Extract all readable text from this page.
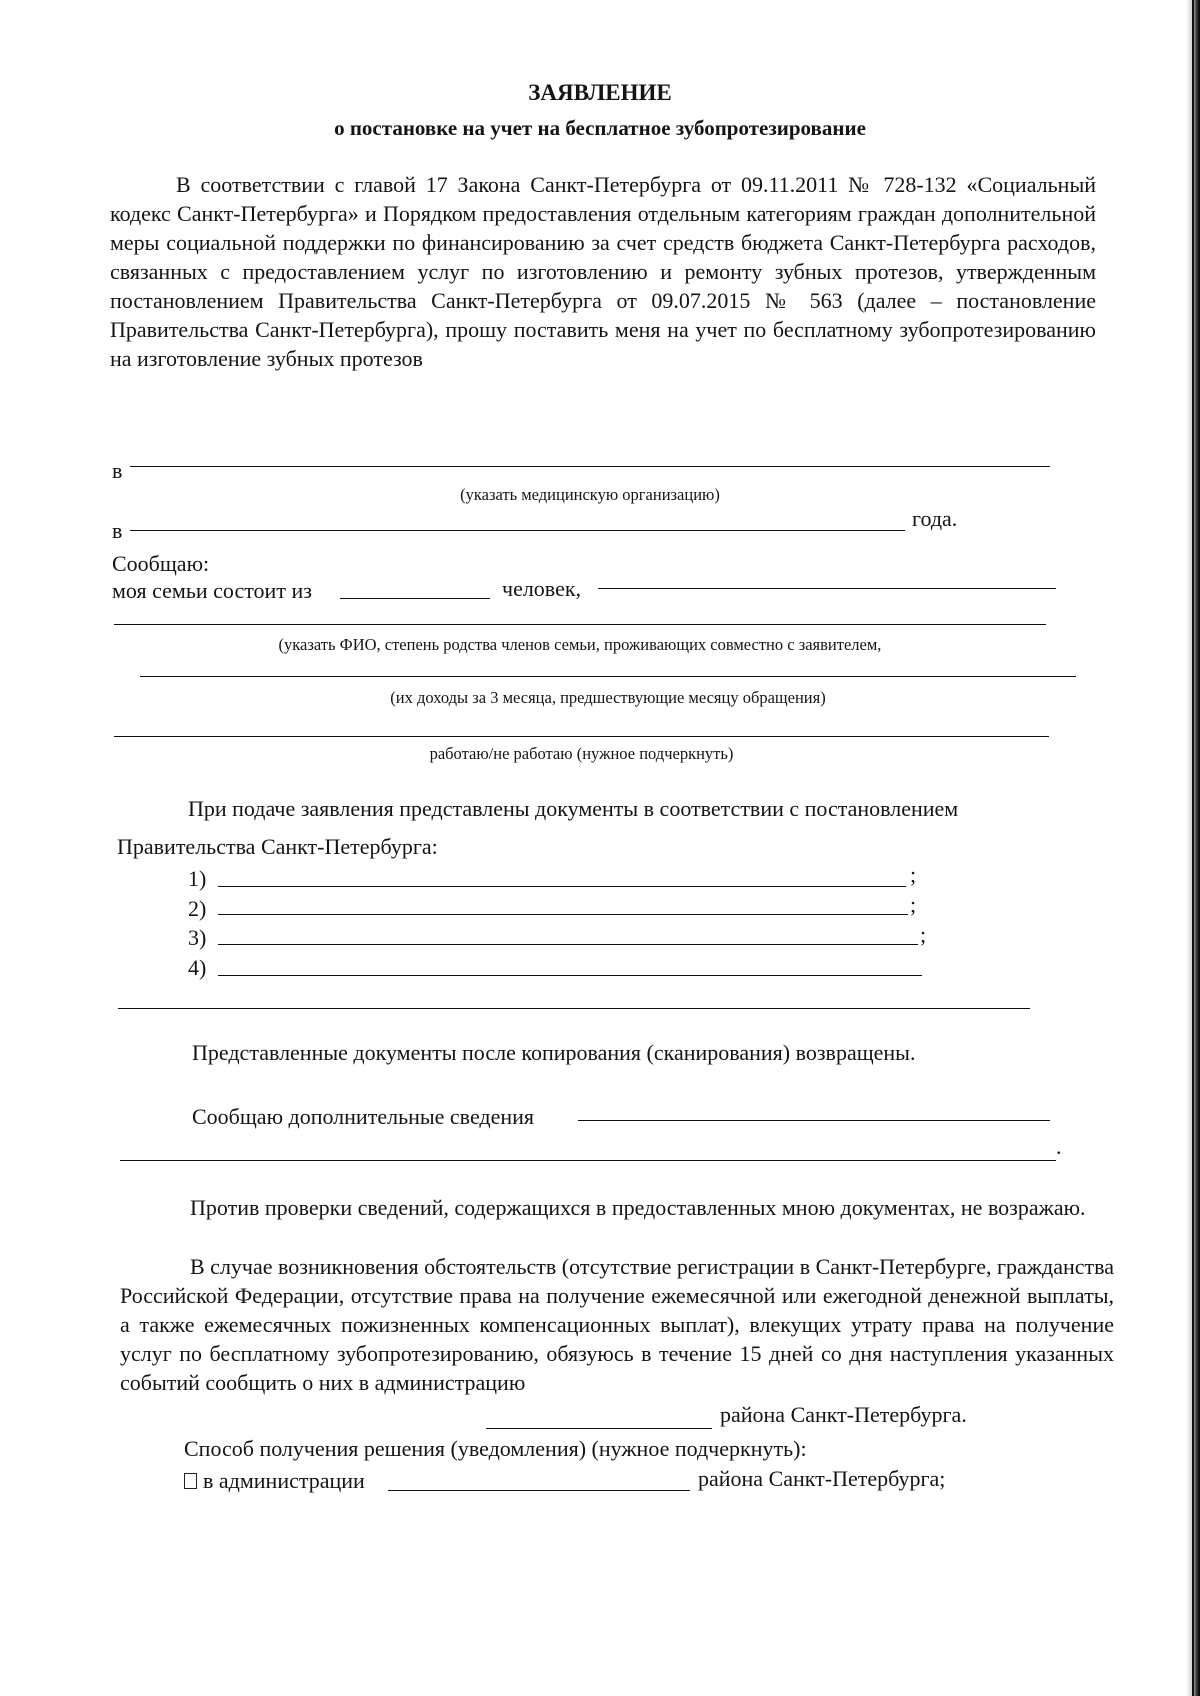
ЗАЯВЛЕНИЕ
о постановке на учет на бесплатное зубопротезирование
В соответствии с главой 17 Закона Санкт-Петербурга от 09.11.2011 № 728-132 «Социальный кодекс Санкт-Петербурга» и Порядком предоставления отдельным категориям граждан дополнительной меры социальной поддержки по финансированию за счет средств бюджета Санкт-Петербурга расходов, связанных с предоставлением услуг по изготовлению и ремонту зубных протезов, утвержденным постановлением Правительства Санкт-Петербурга от 09.07.2015 № 563 (далее – постановление Правительства Санкт-Петербурга), прошу поставить меня на учет по бесплатному зубопротезированию на изготовление зубных протезов
в
(указать медицинскую организацию)
в	года.
Сообщаю:
моя семьи состоит из	человек,
(указать ФИО, степень родства членов семьи, проживающих совместно с заявителем,
(их доходы за 3 месяца, предшествующие месяцу обращения)
работаю/не работаю (нужное подчеркнуть)
При подаче заявления представлены документы в соответствии с постановлением
Правительства Санкт-Петербурга:
1)	;
2)	;
3)	;
4)
Представленные документы после копирования (сканирования) возвращены.
Сообщаю дополнительные сведения
.
Против проверки сведений, содержащихся в предоставленных мною документах, не возражаю.
В случае возникновения обстоятельств (отсутствие регистрации в Санкт-Петербурге, гражданства Российской Федерации, отсутствие права на получение ежемесячной или ежегодной денежной выплаты, а также ежемесячных пожизненных компенсационных выплат), влекущих утрату права на получение услуг по бесплатному зубопротезированию, обязуюсь в течение 15 дней со дня наступления указанных событий сообщить о них в администрацию
района Санкт-Петербурга.
Способ получения решения (уведомления) (нужное подчеркнуть):
в администрации	района Санкт-Петербурга;
